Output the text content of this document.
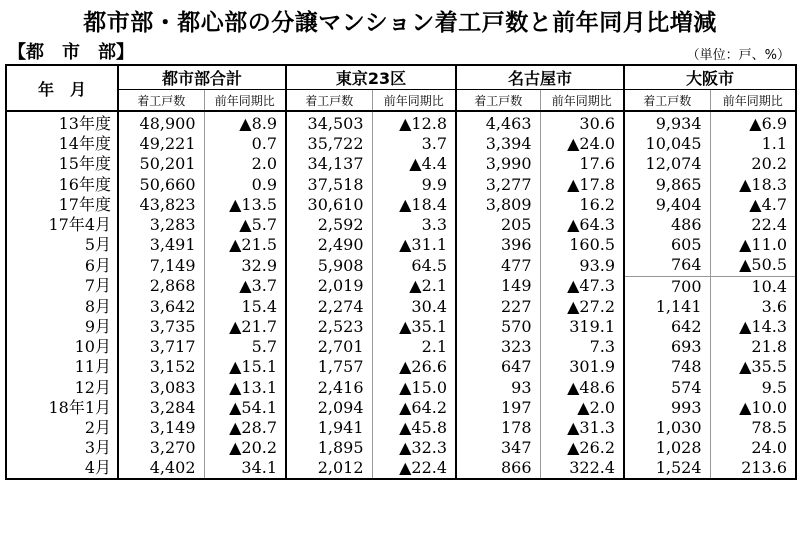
都市部・都心部の分譲マンション着工戸数と前年同月比増減
【都　市　部】	（単位：戸、%）
年　月	都市部合計		東京23区		名古屋市		大阪市	
	着工戸数	前年同期比	着工戸数	前年同期比	着工戸数	前年同期比	着工戸数	前年同期比
13年度	48,900	▲8.9	34,503	▲12.8	4,463	30.6	9,934	▲6.9
14年度	49,221	0.7	35,722	3.7	3,394	▲24.0	10,045	1.1
15年度	50,201	2.0	34,137	▲4.4	3,990	17.6	12,074	20.2
16年度	50,660	0.9	37,518	9.9	3,277	▲17.8	9,865	▲18.3
17年度	43,823	▲13.5	30,610	▲18.4	3,809	16.2	9,404	▲4.7
17年4月	3,283	▲5.7	2,592	3.3	205	▲64.3	486	22.4
5月	3,491	▲21.5	2,490	▲31.1	396	160.5	605	▲11.0
6月	7,149	32.9	5,908	64.5	477	93.9	764	▲50.5
7月	2,868	▲3.7	2,019	▲2.1	149	▲47.3	700	10.4
8月	3,642	15.4	2,274	30.4	227	▲27.2	1,141	3.6
9月	3,735	▲21.7	2,523	▲35.1	570	319.1	642	▲14.3
10月	3,717	5.7	2,701	2.1	323	7.3	693	21.8
11月	3,152	▲15.1	1,757	▲26.6	647	301.9	748	▲35.5
12月	3,083	▲13.1	2,416	▲15.0	93	▲48.6	574	9.5
18年1月	3,284	▲54.1	2,094	▲64.2	197	▲2.0	993	▲10.0
2月	3,149	▲28.7	1,941	▲45.8	178	▲31.3	1,030	78.5
3月	3,270	▲20.2	1,895	▲32.3	347	▲26.2	1,028	24.0
4月	4,402	34.1	2,012	▲22.4	866	322.4	1,524	213.6
